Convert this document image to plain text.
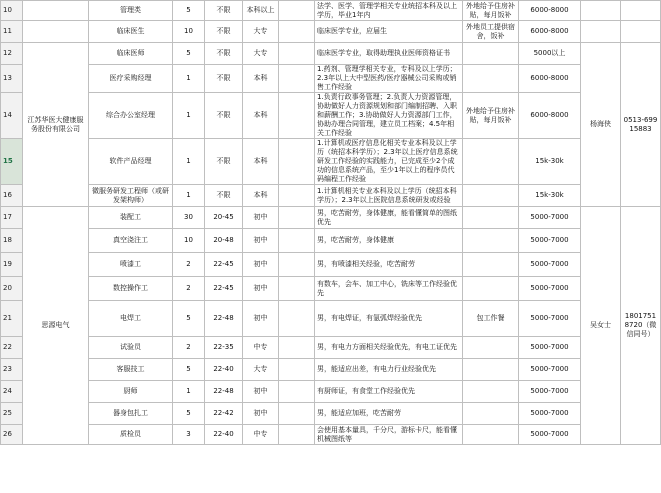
10		管理类	5	不限	本科以上		法学、医学、管理学相关专业统招本科及以上学历，毕业1年内	外地给予住房补贴，每月饭补	6000-8000		
11		临床医生	10	不限	大专		临床医学专业，应届生	外地员工提供宿舍，饭补	6000-8000		
12	江苏华医大健康服务股份有限公司	临床医师	5	不限	大专		临床医学专业，取得助理执业医师资格证书		5000以上	杨海侠	0513-69915883
13		医疗采购经理	1	不限	本科		1.药剂、管理学相关专业，专科及以上学历；2.3年以上大中型医药/医疗器械公司采购或销售工作经验		6000-8000		
14		综合办公室经理	1	不限	本科		1.负责行政事务管理；2.负责人力资源管理，协助做好人力资源规划和部门编制招聘、入职和薪酬工作；3.协助做好人力资源部门工作，协助办理合同管理，建立员工档案；4.5年相关工作经验	外地给予住房补贴，每月饭补	6000-8000		
15		软件产品经理	1	不限	本科		1.计算机或医疗信息化相关专业本科及以上学历（统招本科学历）；2.3年以上医疗信息系统研发工作经验的实践能力，已完成至少2个成功的信息系统产品，至少1年以上的程序员代码编程工作经验		15k-30k		
16		微服务研发工程师（或研发架构师）	1	不限	本科		1.计算机相关专业本科及以上学历（统招本科学历）；2.3年以上医院信息系统研发或经验		15k-30k		
17	思源电气	装配工	30	20-45	初中		男，吃苦耐劳，身体健康，能看懂简单的图纸优先		5000-7000	吴女士	18017518720（微信同号）
18		真空浇注工	10	20-48	初中		男，吃苦耐劳，身体健康		5000-7000		
19		喷漆工	2	22-45	初中		男，有喷漆相关经验，吃苦耐劳		5000-7000		
20		数控操作工	2	22-45	初中		有数车，会车、加工中心，铣床等工作经验优先		5000-7000		
21		电焊工	5	22-48	初中		男，有电焊证，有氩弧焊经验优先	包工作餐	5000-7000		
22		试验员	2	22-35	中专		男，有电力方面相关经验优先，有电工证优先		5000-7000		
23		客服技工	5	22-40	大专		男，能适应出差，有电力行业经验优先		5000-7000		
24		厨师	1	22-48	初中		有厨师证，有食堂工作经验优先		5000-7000		
25		器身包扎工	5	22-42	初中		男，能适应加班，吃苦耐劳		5000-7000		
26		质检员	3	22-40	中专		会使用基本量具，千分尺，游标卡尺，能看懂机械图纸等		5000-7000		
